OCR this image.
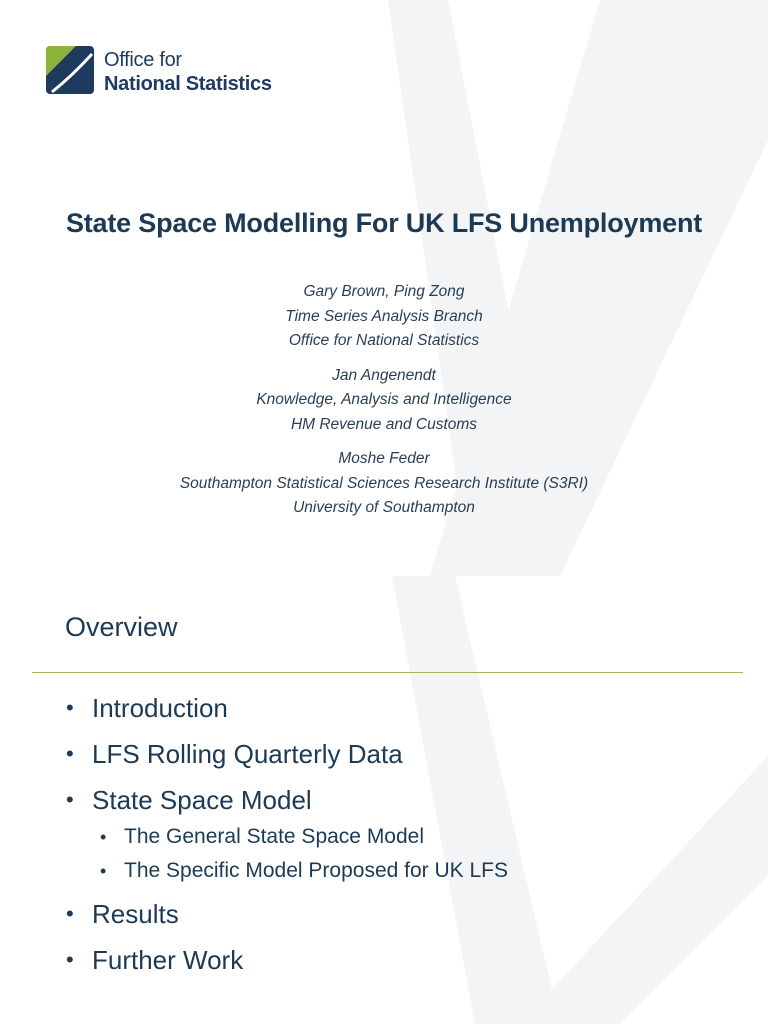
Office for
National Statistics
State Space Modelling For UK LFS Unemployment
Gary Brown, Ping Zong
Time Series Analysis Branch
Office for National Statistics
Jan Angenendt
Knowledge, Analysis and Intelligence
HM Revenue and Customs
Moshe Feder
Southampton Statistical Sciences Research Institute (S3RI)
University of Southampton
Overview
• Introduction
• LFS Rolling Quarterly Data
• State Space Model
• The General State Space Model
• The Specific Model Proposed for UK LFS
• Results
• Further Work
